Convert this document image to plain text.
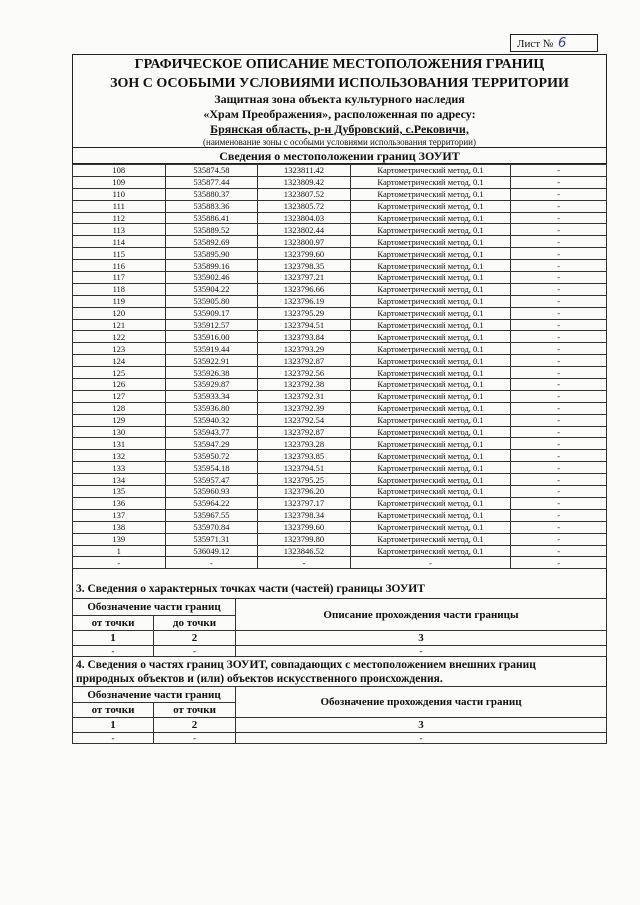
Лист № 6
ГРАФИЧЕСКОЕ ОПИСАНИЕ МЕСТОПОЛОЖЕНИЯ ГРАНИЦ
ЗОН С ОСОБЫМИ УСЛОВИЯМИ ИСПОЛЬЗОВАНИЯ ТЕРРИТОРИИ
Защитная зона объекта культурного наследия
«Храм Преображения», расположенная по адресу:
Брянская область, р-н Дубровский, с.Рековичи,
(наименование зоны с особыми условиями использования территории)
Сведения о местоположении границ ЗОУИТ
108	535874.58	1323811.42	Картометрический метод, 0.1	-
109	535877.44	1323809.42	Картометрический метод, 0.1	-
110	535880.37	1323807.52	Картометрический метод, 0.1	-
111	535883.36	1323805.72	Картометрический метод, 0.1	-
112	535886.41	1323804.03	Картометрический метод, 0.1	-
113	535889.52	1323802.44	Картометрический метод, 0.1	-
114	535892.69	1323800.97	Картометрический метод, 0.1	-
115	535895.90	1323799.60	Картометрический метод, 0.1	-
116	535899.16	1323798.35	Картометрический метод, 0.1	-
117	535902.46	1323797.21	Картометрический метод, 0.1	-
118	535904.22	1323796.66	Картометрический метод, 0.1	-
119	535905.80	1323796.19	Картометрический метод, 0.1	-
120	535909.17	1323795.29	Картометрический метод, 0.1	-
121	535912.57	1323794.51	Картометрический метод, 0.1	-
122	535916.00	1323793.84	Картометрический метод, 0.1	-
123	535919.44	1323793.29	Картометрический метод, 0.1	-
124	535922.91	1323792.87	Картометрический метод, 0.1	-
125	535926.38	1323792.56	Картометрический метод, 0.1	-
126	535929.87	1323792.38	Картометрический метод, 0.1	-
127	535933.34	1323792.31	Картометрический метод, 0.1	-
128	535936.80	1323792.39	Картометрический метод, 0.1	-
129	535940.32	1323792.54	Картометрический метод, 0.1	-
130	535943.77	1323792.87	Картометрический метод, 0.1	-
131	535947.29	1323793.28	Картометрический метод, 0.1	-
132	535950.72	1323793.85	Картометрический метод, 0.1	-
133	535954.18	1323794.51	Картометрический метод, 0.1	-
134	535957.47	1323795.25	Картометрический метод, 0.1	-
135	535960.93	1323796.20	Картометрический метод, 0.1	-
136	535964.22	1323797.17	Картометрический метод, 0.1	-
137	535967.55	1323798.34	Картометрический метод, 0.1	-
138	535970.84	1323799.60	Картометрический метод, 0.1	-
139	535971.31	1323799.80	Картометрический метод, 0.1	-
1	536049.12	1323846.52	Картометрический метод, 0.1	-
-	-	-	-	-
3. Сведения о характерных точках части (частей) границы ЗОУИТ
Обозначение части границ		Описание прохождения части границы
от точки	до точки	
1	2	3
-	-	-
4. Сведения о частях границ ЗОУИТ, совпадающих с местоположением внешних границ
природных объектов и (или) объектов искусственного происхождения.
Обозначение части границ		Обозначение прохождения части границ
от точки	от точки	
1	2	3
-	-	-
